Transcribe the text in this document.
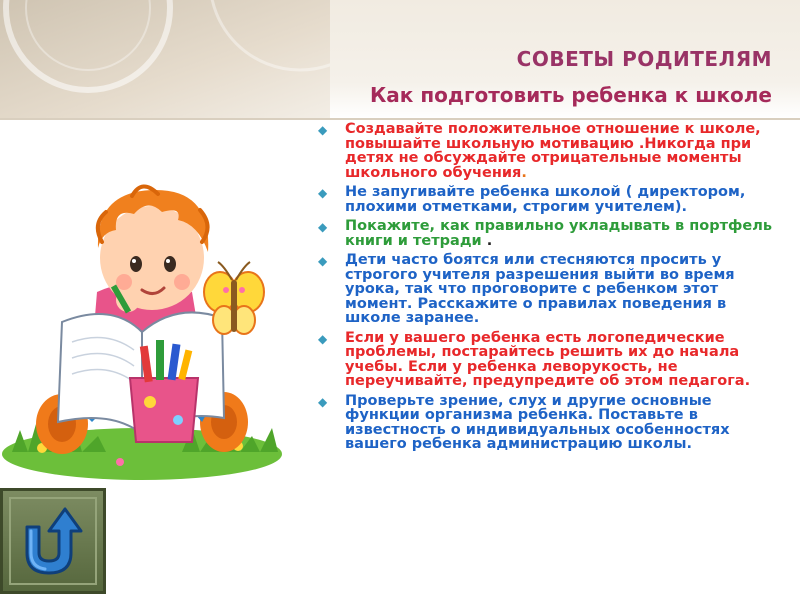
СОВЕТЫ РОДИТЕЛЯМ
Как подготовить ребенка к школе
◆ Создавайте положительное отношение к школе, повышайте школьную мотивацию .Никогда при детях не обсуждайте отрицательные моменты школьного обучения.
◆ Не запугивайте ребенка школой ( директором, плохими отметками, строгим учителем).
◆ Покажите, как правильно укладывать в портфель книги и тетради .
◆ Дети часто боятся или стесняются просить у строгого учителя разрешения выйти во время урока, так что проговорите с ребенком этот момент. Расскажите о правилах поведения в школе заранее.
◆ Если у вашего ребенка есть логопедические проблемы, постарайтесь решить их до начала учебы. Если у ребенка леворукость, не переучивайте, предупредите об этом педагога.
◆ Проверьте зрение, слух и другие основные функции организма ребенка. Поставьте в известность о индивидуальных особенностях вашего ребенка администрацию школы.
